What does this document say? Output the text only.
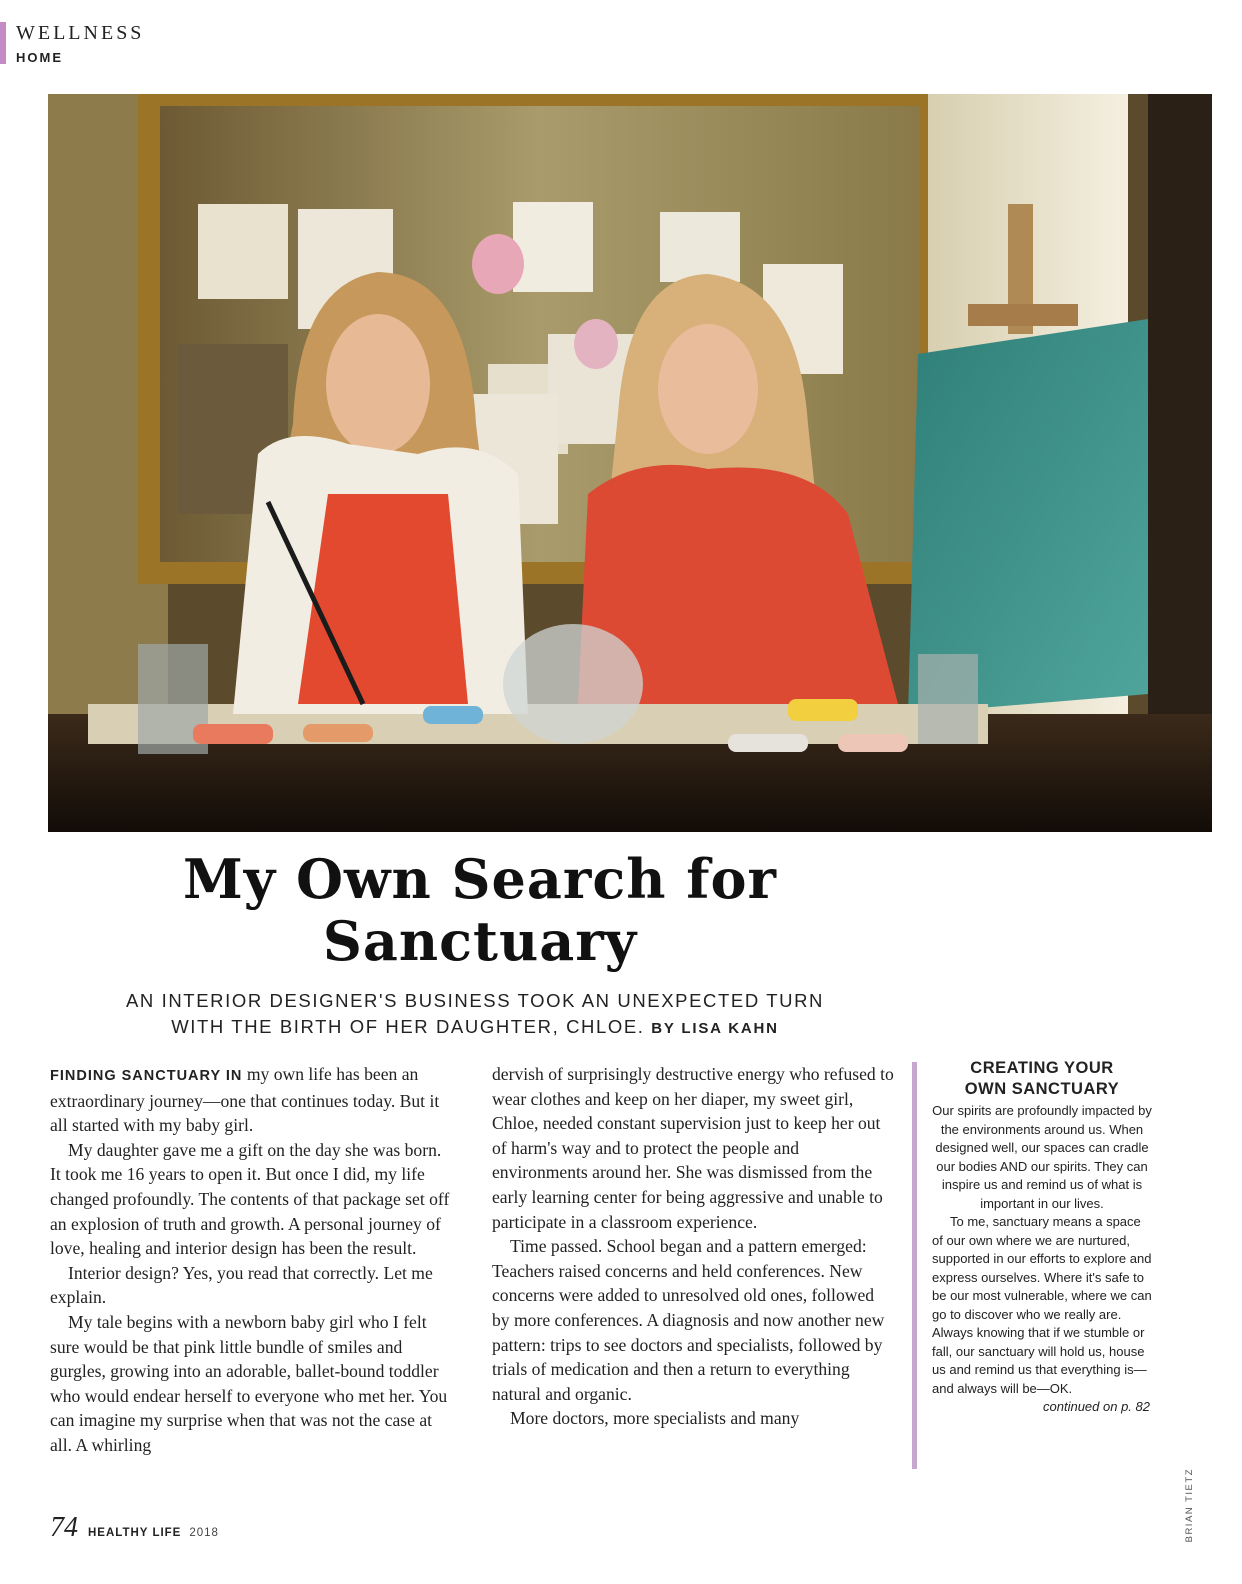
WELLNESS
HOME
Chloe painting in her sanctuary with Lisa
My Own Search for
Sanctuary
AN INTERIOR DESIGNER'S BUSINESS TOOK AN UNEXPECTED TURN
WITH THE BIRTH OF HER DAUGHTER, CHLOE. BY LISA KAHN

FINDING SANCTUARY IN my own life has been an extraordinary journey—one that continues today. But it all started with my baby girl.

My daughter gave me a gift on the day she was born. It took me 16 years to open it. But once I did, my life changed profoundly. The contents of that package set off an explosion of truth and growth. A personal journey of love, healing and interior design has been the result.

Interior design? Yes, you read that correctly. Let me explain.

My tale begins with a newborn baby girl who I felt sure would be that pink little bundle of smiles and gurgles, growing into an adorable, ballet-bound toddler who would endear herself to everyone who met her. You can imagine my surprise when that was not the case at all. A whirling

dervish of surprisingly destructive energy who refused to wear clothes and keep on her diaper, my sweet girl, Chloe, needed constant supervision just to keep her out of harm's way and to protect the people and environments around her. She was dismissed from the early learning center for being aggressive and unable to participate in a classroom experience.

Time passed. School began and a pattern emerged: Teachers raised concerns and held conferences. New concerns were added to unresolved old ones, followed by more conferences. A diagnosis and now another new pattern: trips to see doctors and specialists, followed by trials of medication and then a return to everything natural and organic.

More doctors, more specialists and many

CREATING YOUR
OWN SANCTUARY

Our spirits are profoundly impacted by the environments around us. When designed well, our spaces can cradle our bodies AND our spirits. They can inspire us and remind us of what is important in our lives.

To me, sanctuary means a space of our own where we are nurtured, supported in our efforts to explore and express ourselves. Where it's safe to be our most vulnerable, where we can go to discover who we really are. Always knowing that if we stumble or fall, our sanctuary will hold us, house us and remind us that everything is—and always will be—OK.

continued on p. 82
BRIAN TIETZ
74 HEALTHY LIFE 2018
